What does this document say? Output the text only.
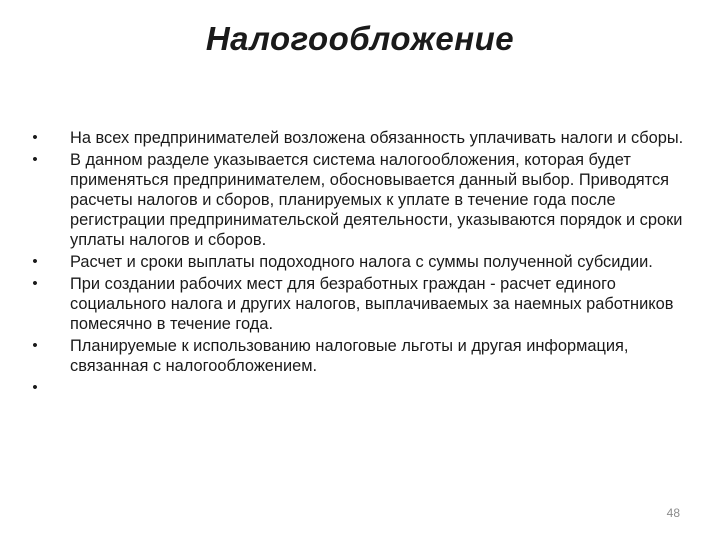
Налогообложение
• На всех предпринимателей возложена обязанность уплачивать налоги и сборы.
• В данном разделе указывается система налогообложения, которая будет применяться предпринимателем, обосновывается данный выбор. Приводятся расчеты налогов и сборов, планируемых к уплате в течение года после регистрации предпринимательской деятельности, указываются порядок и сроки уплаты налогов и сборов.
• Расчет и сроки выплаты подоходного налога с суммы полученной субсидии.
• При создании рабочих мест для безработных граждан - расчет единого социального налога и других налогов, выплачиваемых за наемных работников помесячно в течение года.
• Планируемые к использованию налоговые льготы и другая информация, связанная с налогообложением.
•
48
